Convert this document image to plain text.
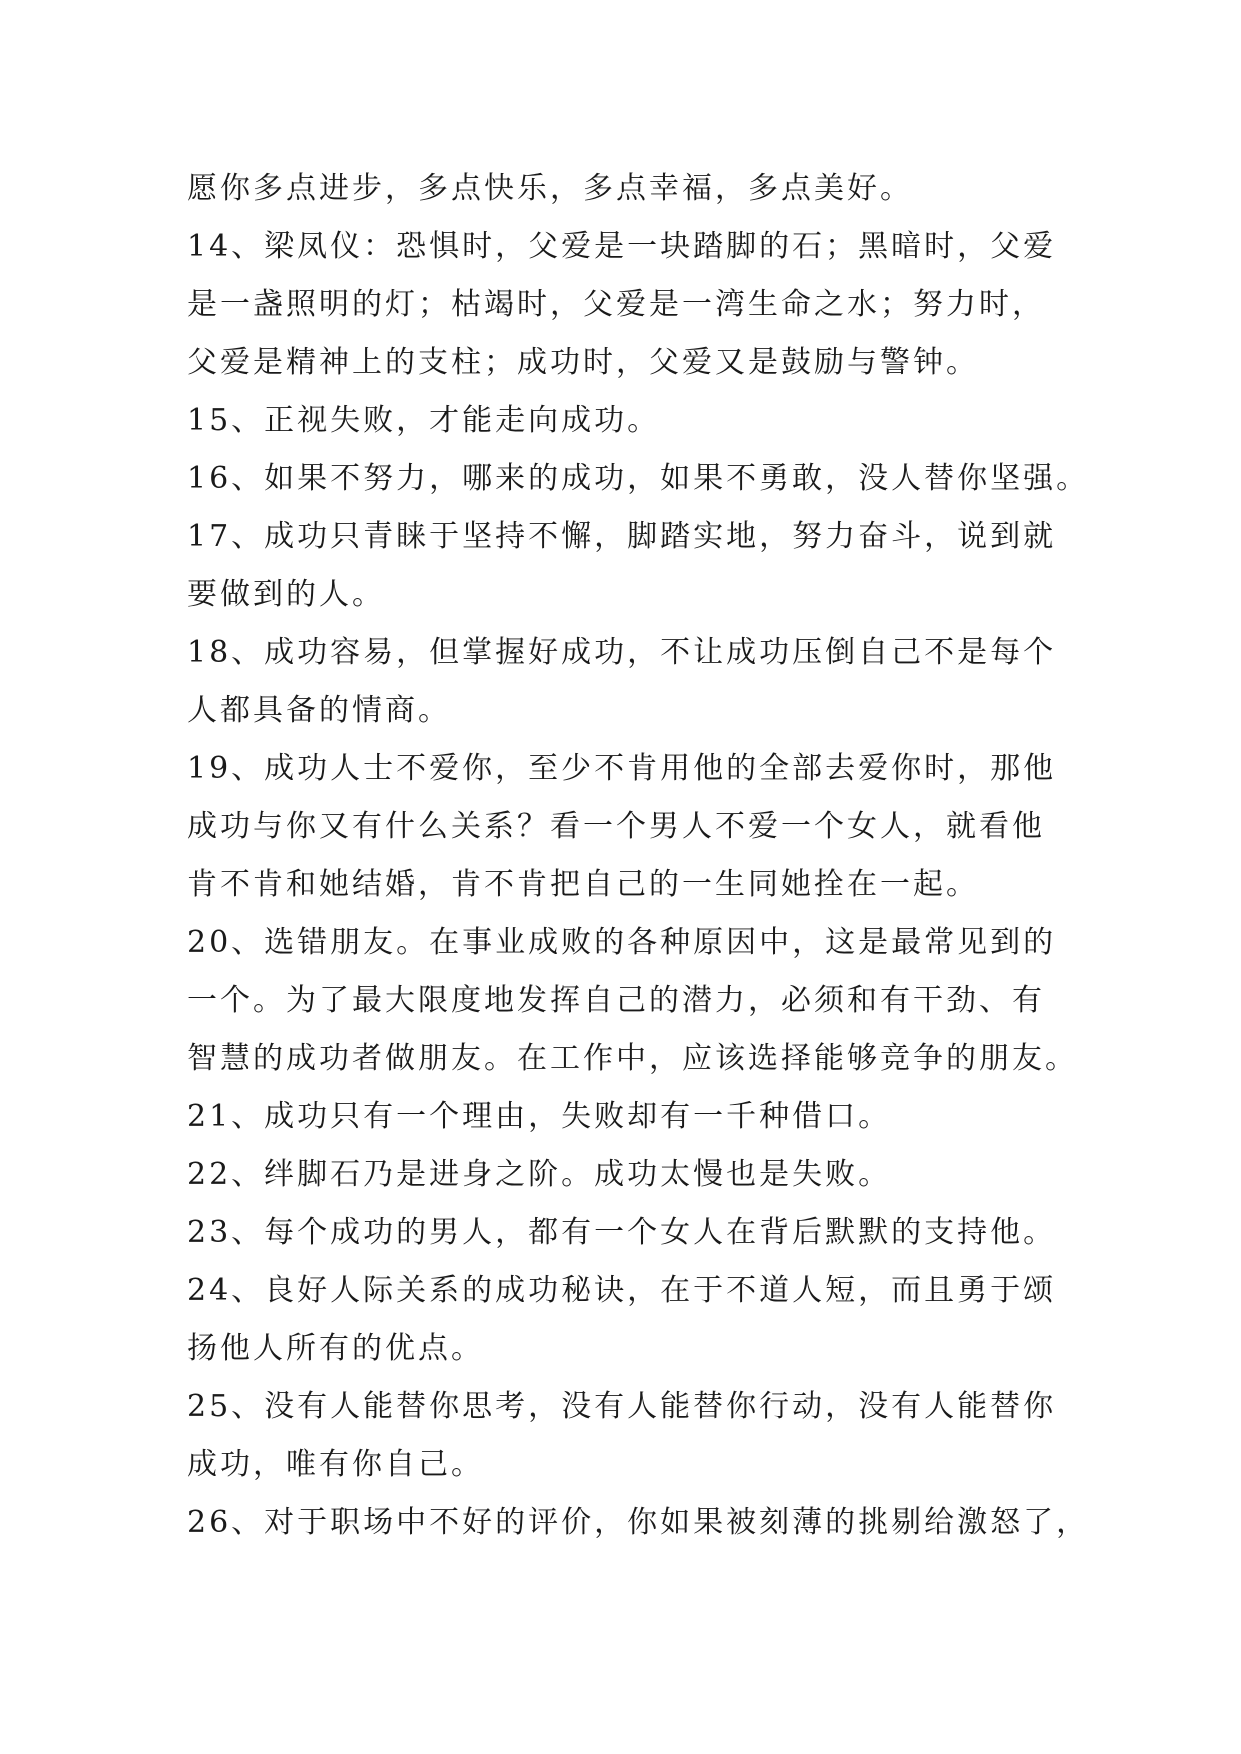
愿你多点进步，多点快乐，多点幸福，多点美好。
14、梁凤仪：恐惧时，父爱是一块踏脚的石；黑暗时，父爱
是一盏照明的灯；枯竭时，父爱是一湾生命之水；努力时，
父爱是精神上的支柱；成功时，父爱又是鼓励与警钟。
15、正视失败，才能走向成功。
16、如果不努力，哪来的成功，如果不勇敢，没人替你坚强。
17、成功只青睐于坚持不懈，脚踏实地，努力奋斗，说到就
要做到的人。
18、成功容易，但掌握好成功，不让成功压倒自己不是每个
人都具备的情商。
19、成功人士不爱你，至少不肯用他的全部去爱你时，那他
成功与你又有什么关系？看一个男人不爱一个女人，就看他
肯不肯和她结婚，肯不肯把自己的一生同她拴在一起。
20、选错朋友。在事业成败的各种原因中，这是最常见到的
一个。为了最大限度地发挥自己的潜力，必须和有干劲、有
智慧的成功者做朋友。在工作中，应该选择能够竞争的朋友。
21、成功只有一个理由，失败却有一千种借口。
22、绊脚石乃是进身之阶。成功太慢也是失败。
23、每个成功的男人，都有一个女人在背后默默的支持他。
24、良好人际关系的成功秘诀，在于不道人短，而且勇于颂
扬他人所有的优点。
25、没有人能替你思考，没有人能替你行动，没有人能替你
成功，唯有你自己。
26、对于职场中不好的评价，你如果被刻薄的挑剔给激怒了，
